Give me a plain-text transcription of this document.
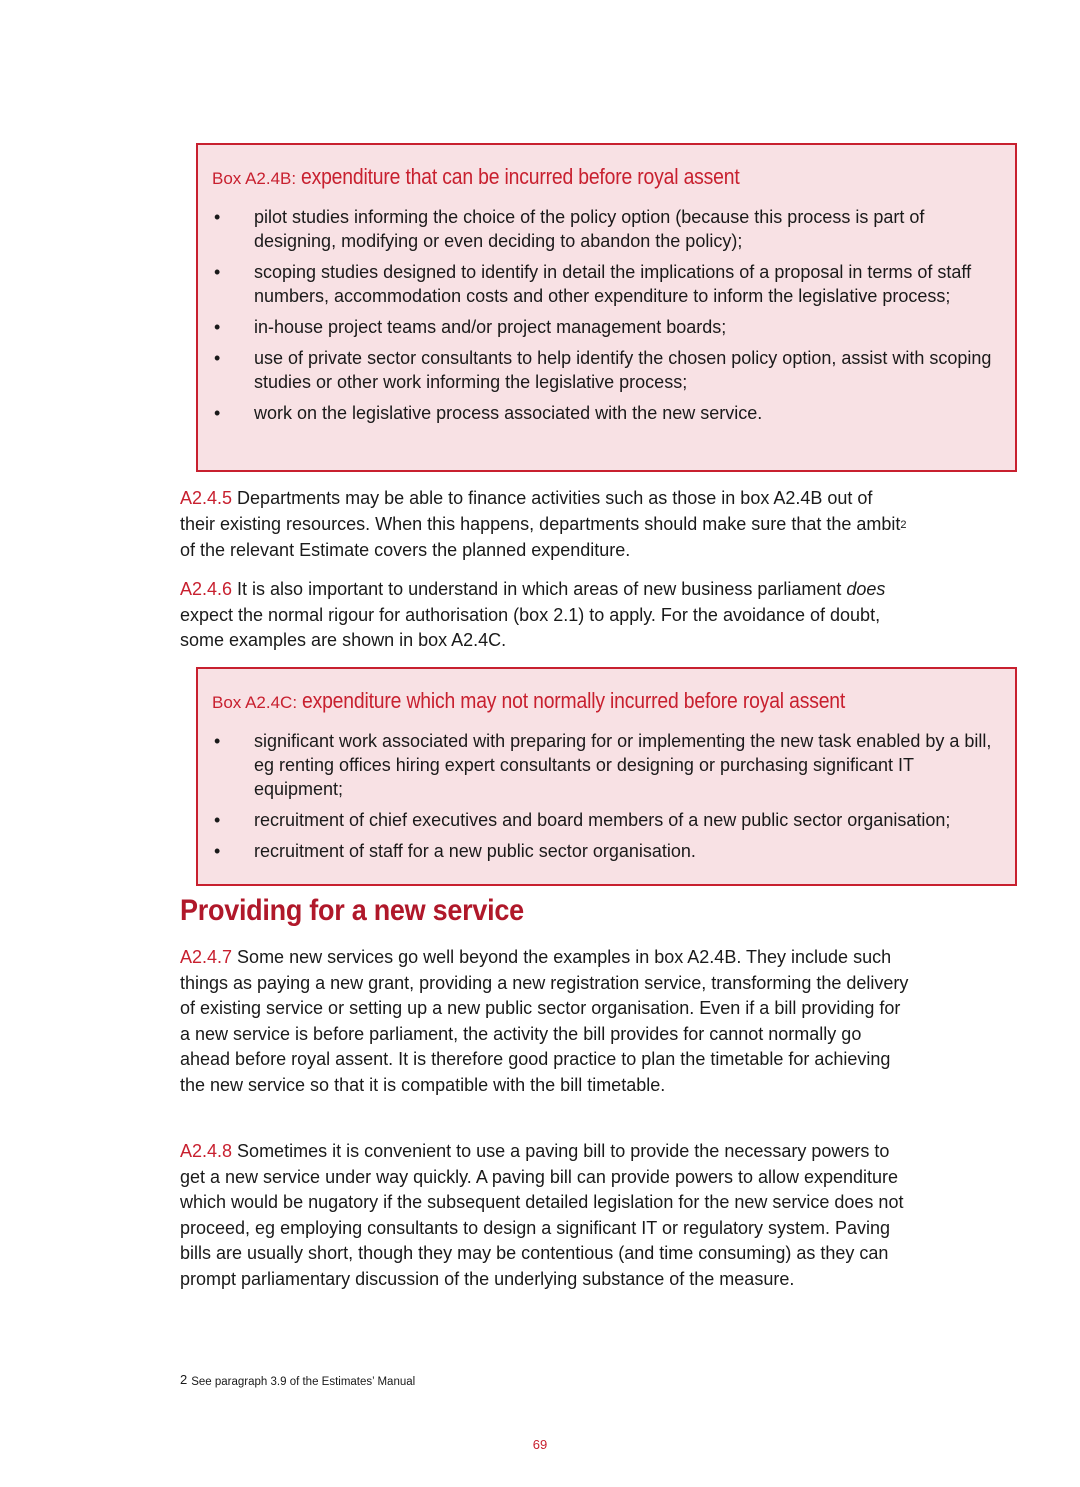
Box A2.4B: expenditure that can be incurred before royal assent

• pilot studies informing the choice of the policy option (because this process is part of designing, modifying or even deciding to abandon the policy);
• scoping studies designed to identify in detail the implications of a proposal in terms of staff numbers, accommodation costs and other expenditure to inform the legislative process;
• in-house project teams and/or project management boards;
• use of private sector consultants to help identify the chosen policy option, assist with scoping studies or other work informing the legislative process;
• work on the legislative process associated with the new service.

A2.4.5 Departments may be able to finance activities such as those in box A2.4B out of their existing resources. When this happens, departments should make sure that the ambit$^2$ of the relevant Estimate covers the planned expenditure.

A2.4.6 It is also important to understand in which areas of new business parliament does expect the normal rigour for authorisation (box 2.1) to apply. For the avoidance of doubt, some examples are shown in box A2.4C.

Box A2.4C: expenditure which may not normally incurred before royal assent

• significant work associated with preparing for or implementing the new task enabled by a bill, eg renting offices hiring expert consultants or designing or purchasing significant IT equipment;
• recruitment of chief executives and board members of a new public sector organisation;
• recruitment of staff for a new public sector organisation.
Providing for a new service

A2.4.7 Some new services go well beyond the examples in box A2.4B. They include such things as paying a new grant, providing a new registration service, transforming the delivery of existing service or setting up a new public sector organisation. Even if a bill providing for a new service is before parliament, the activity the bill provides for cannot normally go ahead before royal assent. It is therefore good practice to plan the timetable for achieving the new service so that it is compatible with the bill timetable.

A2.4.8 Sometimes it is convenient to use a paving bill to provide the necessary powers to get a new service under way quickly. A paving bill can provide powers to allow expenditure which would be nugatory if the subsequent detailed legislation for the new service does not proceed, eg employing consultants to design a significant IT or regulatory system. Paving bills are usually short, though they may be contentious (and time consuming) as they can prompt parliamentary discussion of the underlying substance of the measure.

$^2$ See paragraph 3.9 of the Estimates’ Manual
69
